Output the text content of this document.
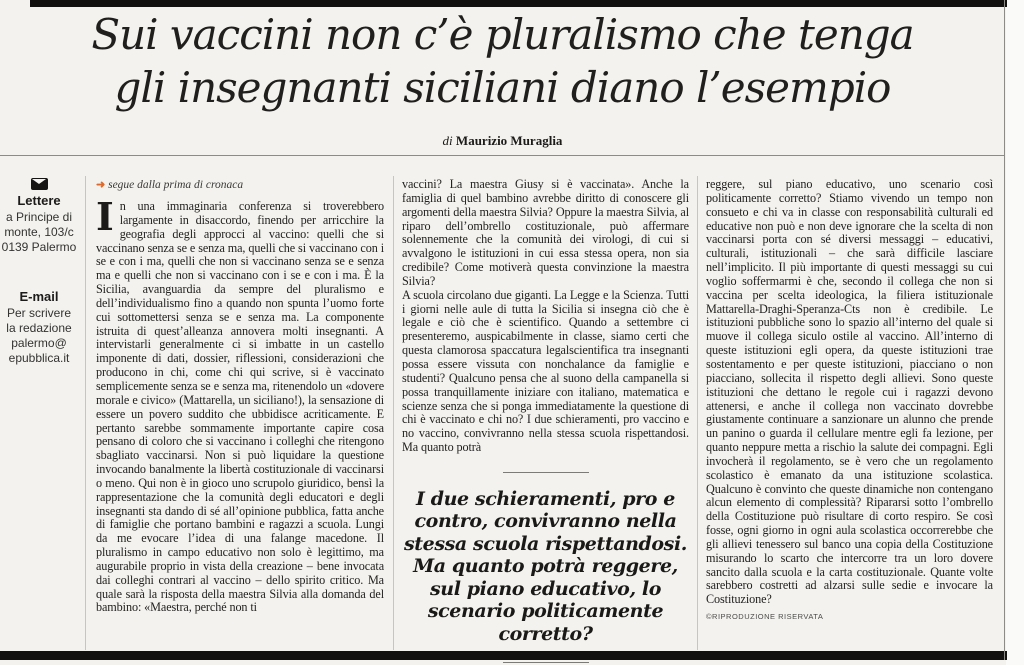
Sui vaccini non c’è pluralismo che tenga
gli insegnanti siciliani diano l’esempio
di Maurizio Muraglia
Lettere
a Principe di
monte, 103/c
0139 Palermo
E-mail
Per scrivere
la redazione
palermo@
epubblica.it
➜ segue dalla prima di cronaca

In una immaginaria conferenza si troverebbero largamente in disaccordo, finendo per arricchire la geografia degli approcci al vaccino: quelli che si vaccinano senza se e senza ma, quelli che si vaccinano con i se e con i ma, quelli che non si vaccinano senza se e senza ma e quelli che non si vaccinano con i se e con i ma. È la Sicilia, avanguardia da sempre del pluralismo e dell’individualismo fino a quando non spunta l’uomo forte cui sottomettersi senza se e senza ma. La componente istruita di quest’alleanza annovera molti insegnanti. A intervistarli generalmente ci si imbatte in un castello imponente di dati, dossier, riflessioni, considerazioni che producono in chi, come chi qui scrive, si è vaccinato semplicemente senza se e senza ma, ritenendolo un «dovere morale e civico» (Mattarella, un siciliano!), la sensazione di essere un povero suddito che ubbidisce acriticamente. E pertanto sarebbe sommamente importante capire cosa pensano di coloro che si vaccinano i colleghi che ritengono sbagliato vaccinarsi. Non si può liquidare la questione invocando banalmente la libertà costituzionale di vaccinarsi o meno. Qui non è in gioco uno scrupolo giuridico, bensì la rappresentazione che la comunità degli educatori e degli insegnanti sta dando di sé all’opinione pubblica, fatta anche di famiglie che portano bambini e ragazzi a scuola. Lungi da me evocare l’idea di una falange macedone. Il pluralismo in campo educativo non solo è legittimo, ma augurabile proprio in vista della creazione – bene invocata dai colleghi contrari al vaccino – dello spirito critico. Ma quale sarà la risposta della maestra Silvia alla domanda del bambino: «Maestra, perché non ti

vaccini? La maestra Giusy si è vaccinata». Anche la famiglia di quel bambino avrebbe diritto di conoscere gli argomenti della maestra Silvia? Oppure la maestra Silvia, al riparo dell’ombrello costituzionale, può affermare solennemente che la comunità dei virologi, di cui si avvalgono le istituzioni in cui essa stessa opera, non sia credibile? Come motiverà questa convinzione la maestra Silvia?

A scuola circolano due giganti. La Legge e la Scienza. Tutti i giorni nelle aule di tutta la Sicilia si insegna ciò che è legale e ciò che è scientifico. Quando a settembre ci presenteremo, auspicabilmente in classe, siamo certi che questa clamorosa spaccatura legalscientifica tra insegnanti possa essere vissuta con nonchalance da famiglie e studenti? Qualcuno pensa che al suono della campanella si possa tranquillamente iniziare con italiano, matematica e scienze senza che si ponga immediatamente la questione di chi è vaccinato e chi no? I due schieramenti, pro vaccino e no vaccino, convivranno nella stessa scuola rispettandosi. Ma quanto potrà

I due schieramenti, pro e contro, convivranno nella stessa scuola rispettandosi. Ma quanto potrà reggere, sul piano educativo, lo scenario politicamente corretto?

reggere, sul piano educativo, uno scenario così politicamente corretto? Stiamo vivendo un tempo non consueto e chi va in classe con responsabilità culturali ed educative non può e non deve ignorare che la scelta di non vaccinarsi porta con sé diversi messaggi – educativi, culturali, istituzionali – che sarà difficile lasciare nell’implicito. Il più importante di questi messaggi su cui voglio soffermarmi è che, secondo il collega che non si vaccina per scelta ideologica, la filiera istituzionale Mattarella-Draghi-Speranza-Cts non è credibile. Le istituzioni pubbliche sono lo spazio all’interno del quale si muove il collega siculo ostile al vaccino. All’interno di queste istituzioni egli opera, da queste istituzioni trae sostentamento e per queste istituzioni, piacciano o non piacciano, sollecita il rispetto degli allievi. Sono queste istituzioni che dettano le regole cui i ragazzi devono attenersi, e anche il collega non vaccinato dovrebbe giustamente continuare a sanzionare un alunno che prende un panino o guarda il cellulare mentre egli fa lezione, per quanto neppure metta a rischio la salute dei compagni. Egli invocherà il regolamento, se è vero che un regolamento scolastico è emanato da una istituzione scolastica. Qualcuno è convinto che queste dinamiche non contengano alcun elemento di complessità? Ripararsi sotto l’ombrello della Costituzione può risultare di corto respiro. Se così fosse, ogni giorno in ogni aula scolastica occorrerebbe che gli allievi tenessero sul banco una copia della Costituzione misurando lo scarto che intercorre tra un loro dovere sancito dalla scuola e la carta costituzionale. Quante volte sarebbero costretti ad alzarsi sulle sedie e invocare la Costituzione?

©RIPRODUZIONE RISERVATA
